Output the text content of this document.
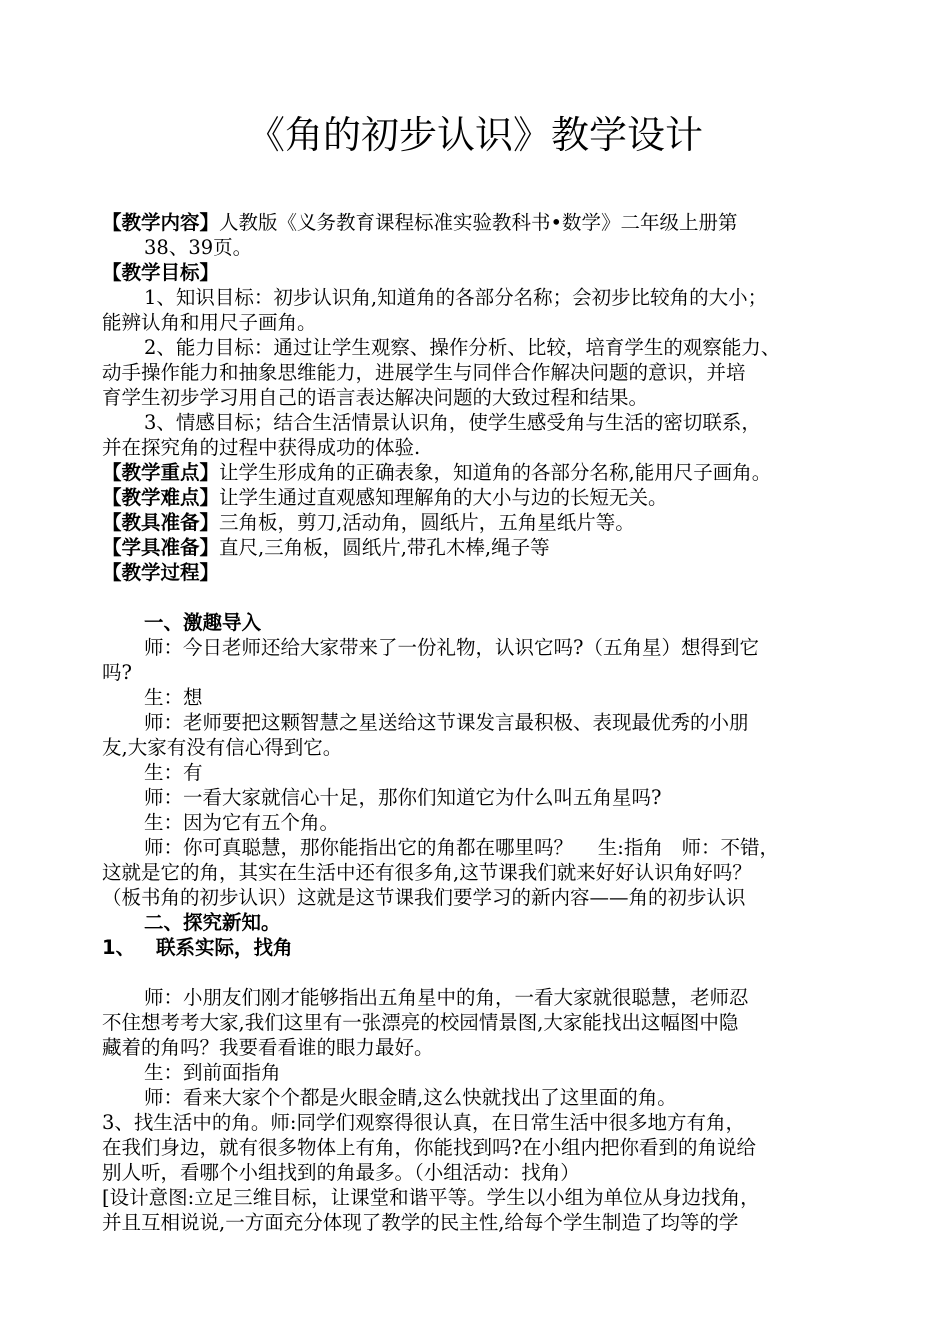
《角的初步认识》教学设计
【教学内容】人教版《义务教育课程标准实验教科书•数学》二年级上册第
38、39页。
【教学目标】
1、知识目标：初步认识角,知道角的各部分名称；会初步比较角的大小；
能辨认角和用尺子画角。
2、能力目标：通过让学生观察、操作分析、比较，培育学生的观察能力、
动手操作能力和抽象思维能力，进展学生与同伴合作解决问题的意识，并培
育学生初步学习用自己的语言表达解决问题的大致过程和结果。
3、情感目标；结合生活情景认识角，使学生感受角与生活的密切联系，
并在探究角的过程中获得成功的体验.
【教学重点】让学生形成角的正确表象，知道角的各部分名称,能用尺子画角。
【教学难点】让学生通过直观感知理解角的大小与边的长短无关。
【教具准备】三角板，剪刀,活动角，圆纸片，五角星纸片等。
【学具准备】直尺,三角板，圆纸片,带孔木棒,绳子等
【教学过程】
一、激趣导入
师：今日老师还给大家带来了一份礼物，认识它吗?（五角星）想得到它
吗?
生：想
师：老师要把这颗智慧之星送给这节课发言最积极、表现最优秀的小朋
友,大家有没有信心得到它。
生：有
师：一看大家就信心十足，那你们知道它为什么叫五角星吗?
生：因为它有五个角。
师：你可真聪慧，那你能指出它的角都在哪里吗？    生:指角   师：不错，
这就是它的角，其实在生活中还有很多角,这节课我们就来好好认识角好吗？
（板书角的初步认识）这就是这节课我们要学习的新内容——角的初步认识
二、探究新知。
1、 联系实际，找角
师：小朋友们刚才能够指出五角星中的角，一看大家就很聪慧，老师忍
不住想考考大家,我们这里有一张漂亮的校园情景图,大家能找出这幅图中隐
藏着的角吗？我要看看谁的眼力最好。
生：到前面指角
师：看来大家个个都是火眼金睛,这么快就找出了这里面的角。
3、找生活中的角。师:同学们观察得很认真，在日常生活中很多地方有角，
在我们身边，就有很多物体上有角，你能找到吗?在小组内把你看到的角说给
别人听，看哪个小组找到的角最多。（小组活动：找角）
[设计意图:立足三维目标，让课堂和谐平等。学生以小组为单位从身边找角，
并且互相说说,一方面充分体现了教学的民主性,给每个学生制造了均等的学
